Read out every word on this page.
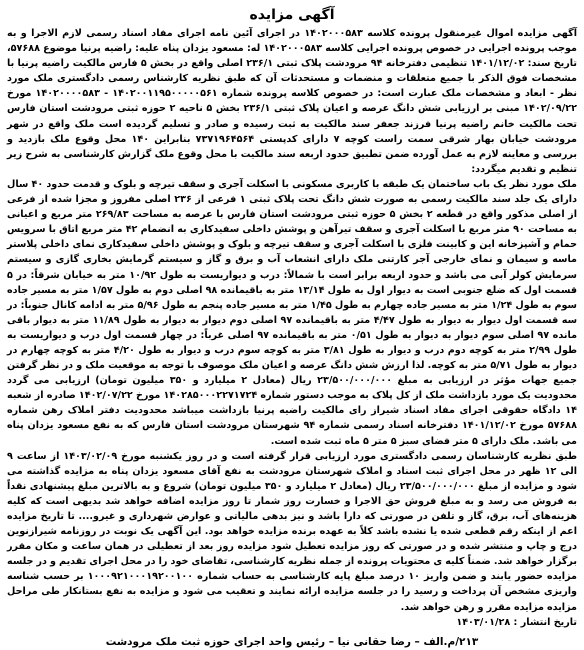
آگهی مزایده

آگهی مزایده اموال غیرمنقول پرونده کلاسه ۱۴۰۲۰۰۰۵۸۳ در اجرای آئین نامه اجرای مفاد اسناد رسمی لازم الاجرا و به موجب پرونده اجرایی در خصوص پرونده اجرایی کلاسه ۱۴۰۲۰۰۰۵۸۳ له: مسعود یزدان پناه علیه: راضیه پرنیا موضوع ۵۷۶۸۸، تاریخ سند: ۱۴۰۱/۱۲/۰۲ تنظیمی دفترخانه ۹۴ مرودشت پلاک ثبتی ۲۳۶/۱ اصلی واقع در بخش ۵ فارس مالکیت راضیه پرنیا با مشخصات فوق الذکر با جمیع متعلقات و منضمات و مستحدثات آن که طبق نظریه کارشناس رسمی دادگستری ملک مورد نظر - ابعاد و مشخصات ملک عبارت است: در خصوص کلاسه پرونده شماره ۱۴۰۲۰۰۱۱۹۵۰۰۰۰۰۵۶۱ - ۱۴۰۲۰۰۰۰۵۸۳ مورخ ۱۴۰۲/۰۹/۲۲ مبنی بر ارزیابی شش دانگ عرصه و اعیان پلاک ثبتی ۲۳۶/۱ بخش ۵ ناحیه ۲ حوزه ثبتی مرودشت استان فارس تحت مالکیت خانم راضیه پرنیا فرزند جعفر سند مالکیت به ثبت رسیده و صادر و تسلیم گردیده است ملک واقع در شهر مرودشت خیابان بهار شرقی سمت راست کوچه ۷ دارای کدپستی ۷۳۷۱۹۶۴۵۶۴ بنابراین ۱۴۰ محل وقوع ملک بازدید و بررسی و معاینه لازم به عمل آورده ضمن تطبیق حدود اربعه سند مالکیت با محل وقوع ملک گزارش کارشناسی به شرح زیر تنظیم و تقدیم میگردد:

ملک مورد نظر یک باب ساختمان یک طبقه با کاربری مسکونی با اسکلت آجری و سقف تیرچه و بلوک و قدمت حدود ۴۰ سال دارای یک جلد سند مالکیت رسمی به صورت شش دانگ تحت پلاک ثبتی ۱ فرعی از ۲۳۶ اصلی مفروز و مجزا شده از فرعی از اصلی مذکور واقع در قطعه ۲ بخش ۵ حوزه ثبتی مرودشت استان فارس با عرصه به مساحت ۲۶۹/۸۳ متر مربع و اعیانی به مساحت ۹۰ متر مربع با اسکلت آجری و سقف تیرآهن و پوشش داخلی سفیدکاری به انضمام ۴۲ متر مربع اتاق با سرویس حمام و آشپزخانه این و کابینت فلزی با اسکلت آجری و سقف تیرچه و بلوک و پوشش داخلی سفیدکاری نمای داخلی پلاستر ماسه و سیمان و نمای خارجی آجر کارتنی ملک دارای انشعاب آب و برق و گاز و سیستم گرمایش بخاری گازی و سیستم سرمایش کولر آبی می باشد و حدود اربعه برابر است با شمالاً: درب و دیواریست به طول ۱۰/۹۲ متر به خیابان شرقاً: در ۵ قسمت اول که ضلع جنوبی است به دیوار اول به طول ۱۳/۱۴ متر به باقیمانده ۹۸ اصلی دوم به طول ۱/۵۷ متر به مسیر جاده سوم به طول ۱/۲۴ متر به مسیر جاده چهارم به طول ۱/۴۵ متر به مسیر جاده پنجم به طول ۵/۹۶ متر به ادامه کانال جنوباً: در سه قسمت اول دیوار به دیوار به طول ۴/۴۷ متر به باقیمانده ۹۷ اصلی دوم دیوار به دیوار به طول ۱۱/۸۹ متر به دیوار باقی مانده ۹۷ اصلی سوم دیوار به دیوار به طول ۰/۵۱ متر به باقیمانده ۹۷ اصلی غرباً: در چهار قسمت اول درب و دیواریست به طول ۲/۹۹ متر به کوچه دوم درب و دیوار به طول ۳/۸۱ متر به کوچه سوم درب و دیوار به طول ۴/۲۰ متر به کوچه چهارم در دیوار به طول ۵/۷۱ متر به کوچه. لذا ارزش شش دانگ عرصه و اعیان ملک موصوف با توجه به موقعیت ملک و در نظر گرفتن جمیع جهات مؤثر در ارزیابی به مبلغ ۲۳/۵۰۰/۰۰۰/۰۰۰ ریال (معادل ۲ میلیارد و ۳۵۰ میلیون تومان) ارزیابی می گردد محدودیت یک مورد بازداشت ملک از کل پلاک به موجب دستور شماره ۱۴۰۲۸۵۰۰۰۲۲۷۱۷۲۴ مورخ ۱۴۰۲/۰۷/۲۲ صادره از شعبه ۱۴ دادگاه حقوقی اجرای مفاد اسناد شیراز رای مالکیت راضیه پرنیا بازداشت میباشد محدودیت دفتر املاک رهن شماره ۵۷۶۸۸ مورخ ۱۴۰۱/۱۲/۰۲ دفترخانه اسناد رسمی شماره ۹۴ شهرستان مرودشت استان فارس که به نفع مسعود یزدان پناه می باشد. ملک دارای ۵ متر فضای سبز ۵ متر ۵ ماه ثبت شده است.

طبق نظریه کارشناسان رسمی دادگستری مورد ارزیابی قرار گرفته است و در روز یکشنبه مورخ ۱۴۰۳/۰۲/۰۹ از ساعت ۹ الی ۱۲ ظهر در محل اجرای ثبت اسناد و املاک شهرستان مرودشت به نفع آقای مسعود یزدان پناه به مزایده گذاشته می شود و مزایده از مبلغ ۲۳/۵۰۰/۰۰۰/۰۰۰ ریال (معادل ۲ میلیارد و ۳۵۰ میلیون تومان) شروع و به بالاترین مبلغ پیشنهادی نقداً به فروش می رسد و به مبلغ فروش حق الاجرا و خسارت روز شمار تا روز مزایده اضافه خواهد شد بدیهی است که کلیه هزینه‌های آب، برق، گاز و تلفن در صورتی که دارا باشد و نیز بدهی مالیاتی و عوارض شهرداری و غیرو.... تا تاریخ مزایده اعم از اینکه رقم قطعی شده یا نشده باشد کلاً به عهده برنده مزایده خواهد بود. این آگهی یک نوبت در روزنامه شیرازنوین درج و چاپ و منتشر شده و در صورتی که روز مزایده تعطیل شود مزایده روز بعد از تعطیلی در همان ساعت و مکان مقرر برگزار خواهد شد. ضمناً کلیه ی محتویات پرونده از جمله نظریه کارشناسی، تقاضای خود را در محل اجرای تقدیم و در جلسه مزایده حضور یابند و ضمن واریز ۱۰ درصد مبلغ پایه کارشناسی به حساب شماره ۱۰۰۰۹۲۱۰۰۰۱۹۲۰۰۱۰۰ بر حسب شناسه واریزی مشخص آن پرداخت و رسید را در جلسه مزایده ارائه نمایند و تعقیب می شود و مزایده به نفع بستانکار طی مراحل مزایده مزایده مقرر و رهن خواهد شد.

تاریخ انتشار : ۱۴۰۳/۰۱/۲۸

۲۱۳/م.الف – رضا حقانی نیا – رئیس واحد اجرای حوزه ثبت ملک مرودشت
